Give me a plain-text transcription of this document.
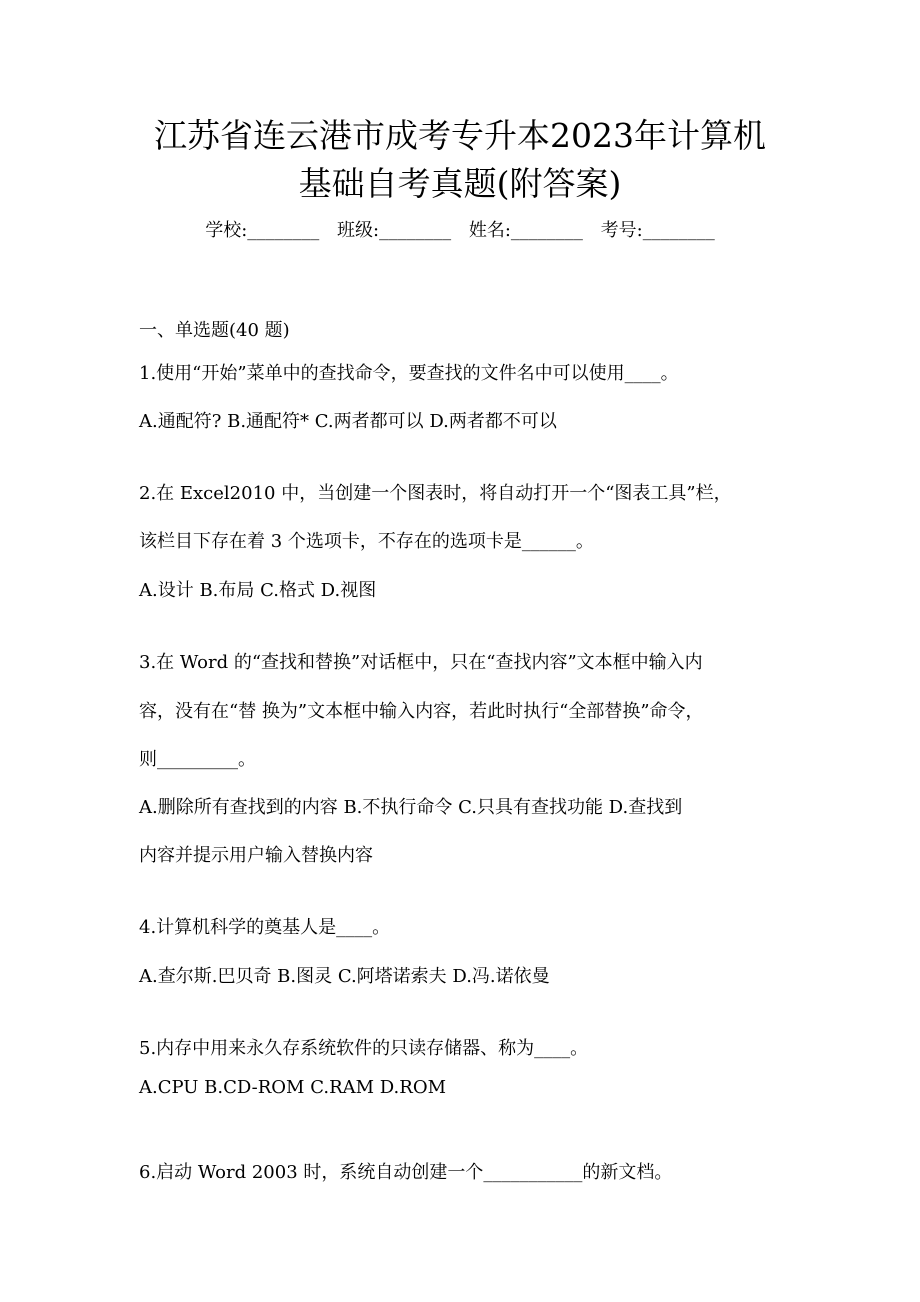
江苏省连云港市成考专升本2023年计算机
基础自考真题(附答案)
学校:________ 班级:________ 姓名:________ 考号:________
一、单选题(40 题)
1.使用“开始”菜单中的查找命令，要查找的文件名中可以使用____。
A.通配符? B.通配符* C.两者都可以 D.两者都不可以
2.在 Excel2010 中，当创建一个图表时，将自动打开一个“图表工具”栏，
该栏目下存在着 3 个选项卡，不存在的选项卡是______。
A.设计 B.布局 C.格式 D.视图
3.在 Word 的“查找和替换”对话框中，只在“查找内容”文本框中输入内
容，没有在“替 换为”文本框中输入内容，若此时执行“全部替换”命令，
则_________。
A.删除所有查找到的内容 B.不执行命令 C.只具有查找功能 D.查找到
内容并提示用户输入替换内容
4.计算机科学的奠基人是____。
A.查尔斯.巴贝奇 B.图灵 C.阿塔诺索夫 D.冯.诺依曼
5.内存中用来永久存系统软件的只读存储器、称为____。
A.CPU B.CD-ROM C.RAM D.ROM
6.启动 Word 2003 时，系统自动创建一个___________的新文档。
